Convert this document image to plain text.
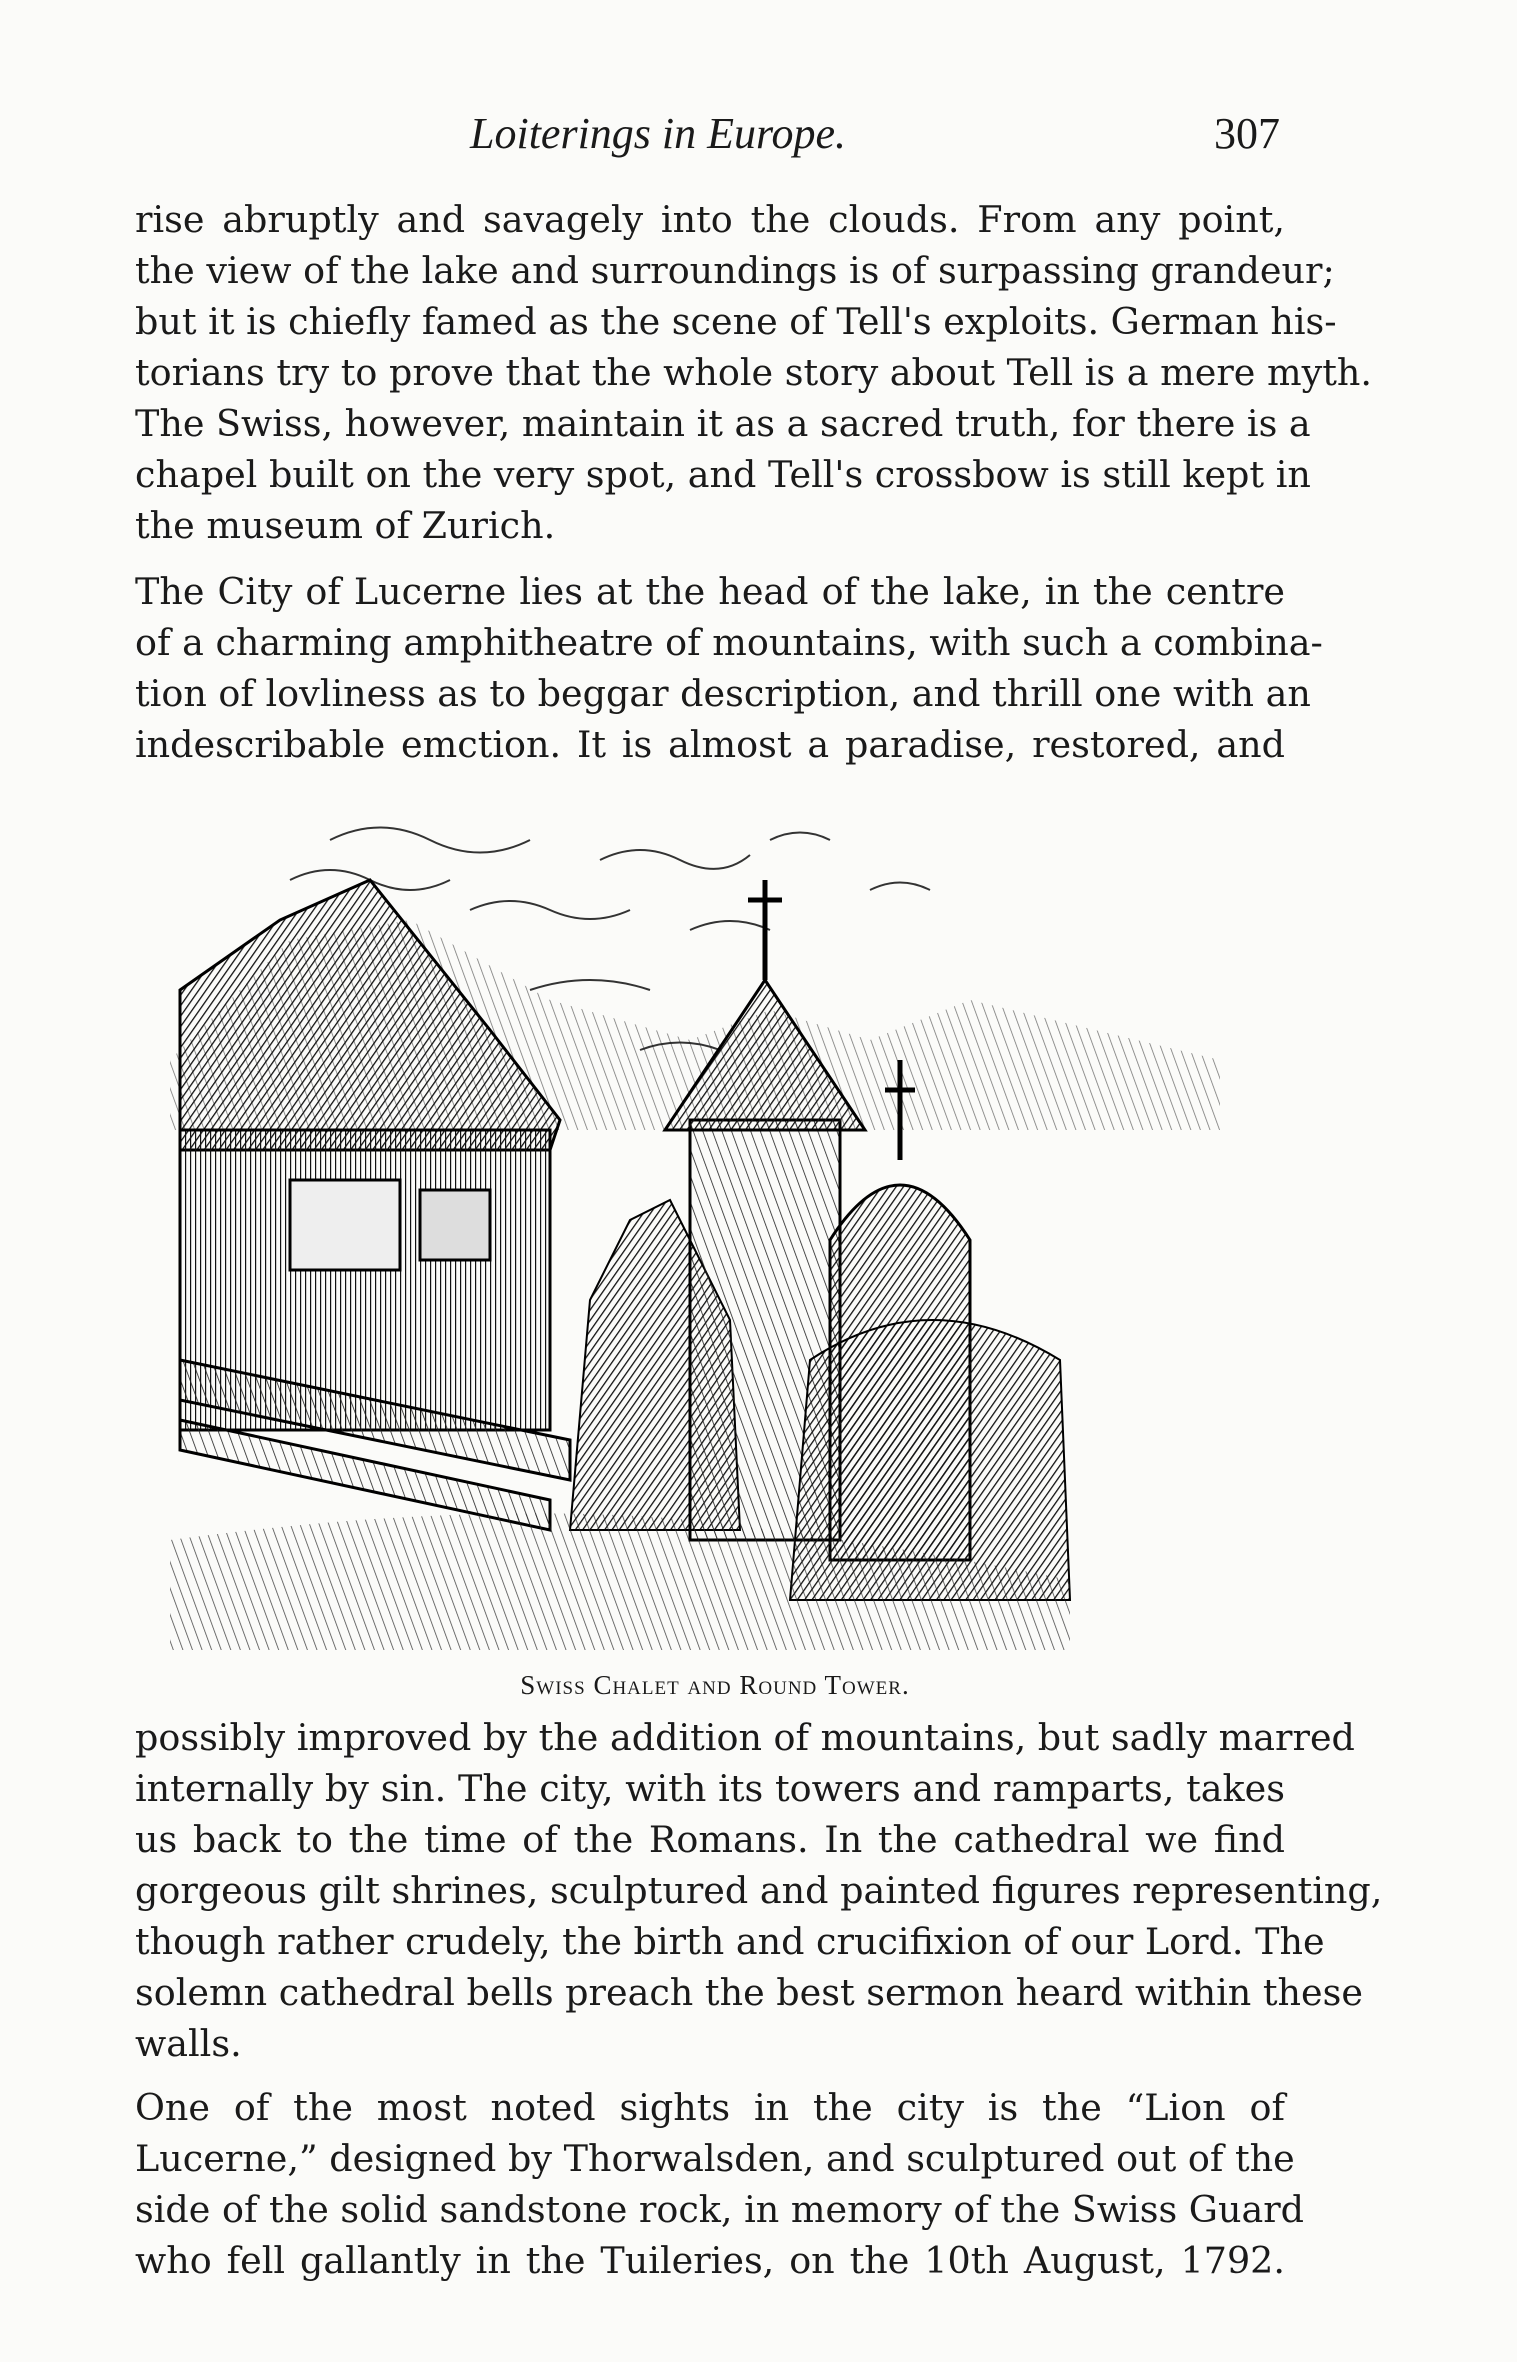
Loiterings in Europe.	307
rise abruptly and savagely into the clouds. From any point,
the view of the lake and surroundings is of surpassing grandeur;
but it is chiefly famed as the scene of Tell's exploits. German his-
torians try to prove that the whole story about Tell is a mere myth.
The Swiss, however, maintain it as a sacred truth, for there is a
chapel built on the very spot, and Tell's crossbow is still kept in
the museum of Zurich.
The City of Lucerne lies at the head of the lake, in the centre
of a charming amphitheatre of mountains, with such a combina-
tion of lovliness as to beggar description, and thrill one with an
indescribable emction. It is almost a paradise, restored, and
Swiss Chalet and Round Tower.
possibly improved by the addition of mountains, but sadly marred
internally by sin. The city, with its towers and ramparts, takes
us back to the time of the Romans. In the cathedral we find
gorgeous gilt shrines, sculptured and painted figures representing,
though rather crudely, the birth and crucifixion of our Lord. The
solemn cathedral bells preach the best sermon heard within these
walls.
One of the most noted sights in the city is the “Lion of
Lucerne,” designed by Thorwalsden, and sculptured out of the
side of the solid sandstone rock, in memory of the Swiss Guard
who fell gallantly in the Tuileries, on the 10th August, 1792.
